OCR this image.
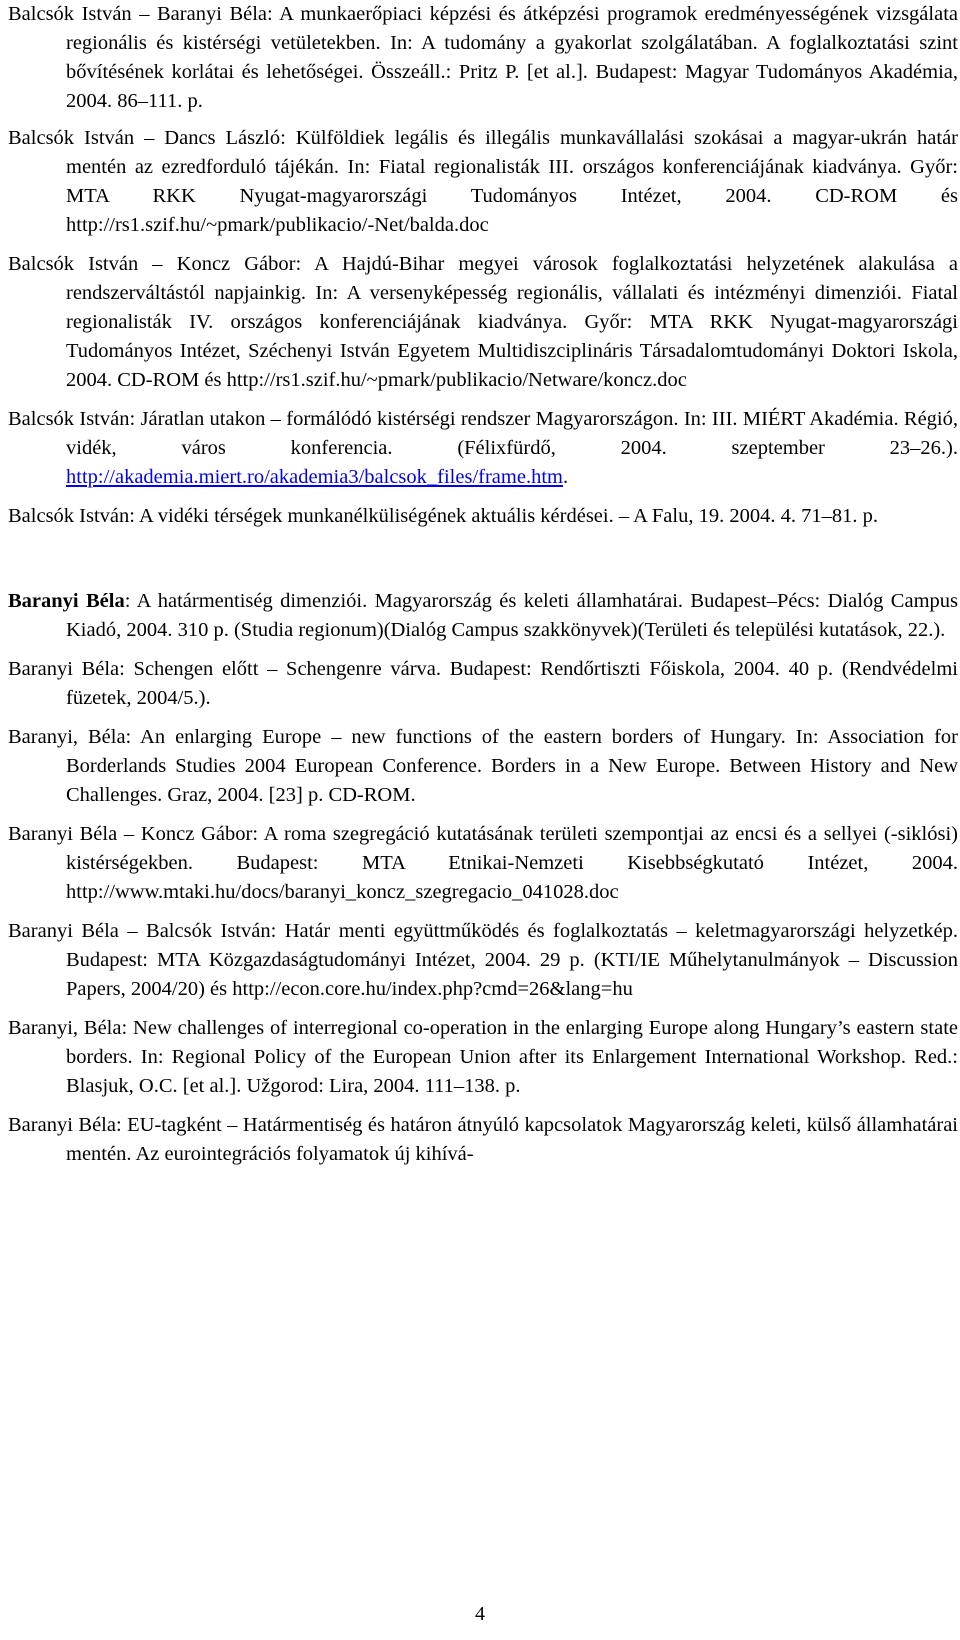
Balcsók István – Baranyi Béla: A munkaerőpiaci képzési és átképzési programok eredményességének vizsgálata regionális és kistérségi vetületekben. In: A tudomány a gyakorlat szolgálatában. A foglalkoztatási szint bővítésének korlátai és lehetőségei. Összeáll.: Pritz P. [et al.]. Budapest: Magyar Tudományos Akadémia, 2004. 86–111. p.

Balcsók István – Dancs László: Külföldiek legális és illegális munkavállalási szokásai a magyar-ukrán határ mentén az ezredforduló tájékán. In: Fiatal regionalisták III. országos konferenciájának kiadványa. Győr: MTA RKK Nyugat-magyarországi Tudományos Intézet, 2004. CD-ROM és http://rs1.szif.hu/~pmark/publikacio/-Net/balda.doc

Balcsók István – Koncz Gábor: A Hajdú-Bihar megyei városok foglalkoztatási helyzetének alakulása a rendszerváltástól napjainkig. In: A versenyképesség regionális, vállalati és intézményi dimenziói. Fiatal regionalisták IV. országos konferenciájának kiadványa. Győr: MTA RKK Nyugat-magyarországi Tudományos Intézet, Széchenyi István Egyetem Multidiszciplináris Társadalomtudományi Doktori Iskola, 2004. CD-ROM és http://rs1.szif.hu/~pmark/publikacio/Netware/koncz.doc

Balcsók István: Járatlan utakon – formálódó kistérségi rendszer Magyarországon. In: III. MIÉRT Akadémia. Régió, vidék, város konferencia. (Félixfürdő, 2004. szeptember 23–26.). http://akademia.miert.ro/akademia3/balcsok_files/frame.htm.

Balcsók István: A vidéki térségek munkanélküliségének aktuális kérdései. – A Falu, 19. 2004. 4. 71–81. p.

Baranyi Béla: A határmentiség dimenziói. Magyarország és keleti államhatárai. Budapest–Pécs: Dialóg Campus Kiadó, 2004. 310 p. (Studia regionum)(Dialóg Campus szakkönyvek)(Területi és települési kutatások, 22.).

Baranyi Béla: Schengen előtt – Schengenre várva. Budapest: Rendőrtiszti Főiskola, 2004. 40 p. (Rendvédelmi füzetek, 2004/5.).

Baranyi, Béla: An enlarging Europe – new functions of the eastern borders of Hungary. In: Association for Borderlands Studies 2004 European Conference. Borders in a New Europe. Between History and New Challenges. Graz, 2004. [23] p. CD-ROM.

Baranyi Béla – Koncz Gábor: A roma szegregáció kutatásának területi szempontjai az encsi és a sellyei (-siklósi) kistérségekben. Budapest: MTA Etnikai-Nemzeti Kisebbségkutató Intézet, 2004. http://www.mtaki.hu/docs/baranyi_koncz_szegregacio_041028.doc

Baranyi Béla – Balcsók István: Határ menti együttműködés és foglalkoztatás – keletmagyarországi helyzetkép. Budapest: MTA Közgazdaságtudományi Intézet, 2004. 29 p. (KTI/IE Műhelytanulmányok – Discussion Papers, 2004/20) és http://econ.core.hu/index.php?cmd=26&lang=hu

Baranyi, Béla: New challenges of interregional co-operation in the enlarging Europe along Hungary’s eastern state borders. In: Regional Policy of the European Union after its Enlargement International Workshop. Red.: Blasjuk, O.C. [et al.]. Užgorod: Lira, 2004. 111–138. p.

Baranyi Béla: EU-tagként – Határmentiség és határon átnyúló kapcsolatok Magyarország keleti, külső államhatárai mentén. Az eurointegrációs folyamatok új kihívá-

4
